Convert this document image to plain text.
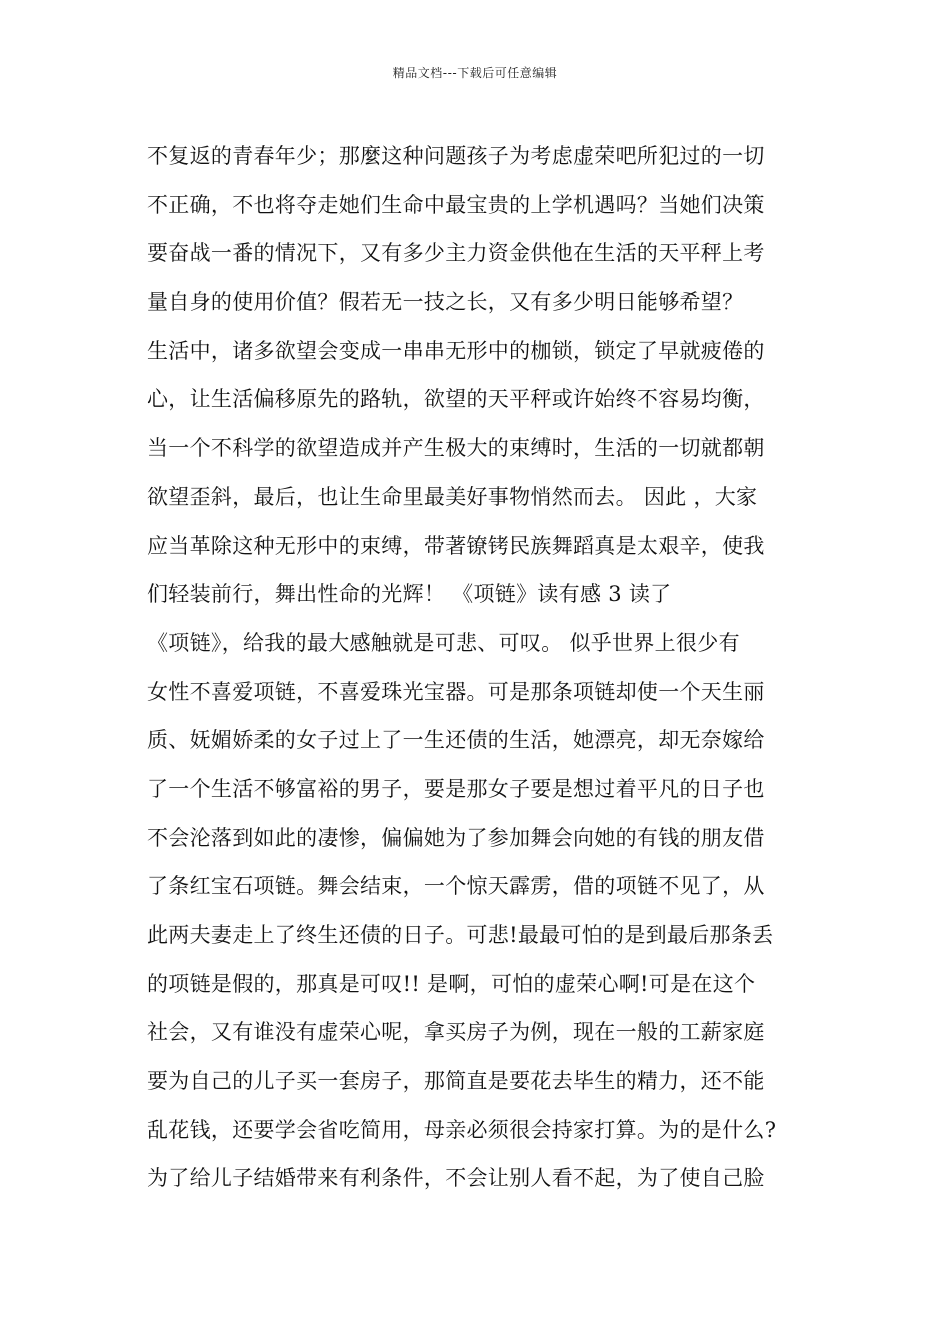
精品文档---下载后可任意编辑
不复返的青春年少；那麼这种问题孩子为考虑虚荣吧所犯过的一切
不正确，不也将夺走她们生命中最宝贵的上学机遇吗？当她们决策
要奋战一番的情况下，又有多少主力资金供他在生活的天平秤上考
量自身的使用价值？假若无一技之长，又有多少明日能够希望？
生活中，诸多欲望会变成一串串无形中的枷锁，锁定了早就疲倦的
心，让生活偏移原先的路轨，欲望的天平秤或许始终不容易均衡，
当一个不科学的欲望造成并产生极大的束缚时，生活的一切就都朝
欲望歪斜，最后，也让生命里最美好事物悄然而去。 因此 ，大家
应当革除这种无形中的束缚，带著镣铐民族舞蹈真是太艰辛，使我
们轻装前行，舞出性命的光辉！ 《项链》读有感 3 读了
《项链》，给我的最大感触就是可悲、可叹。 似乎世界上很少有
女性不喜爱项链，不喜爱珠光宝器。可是那条项链却使一个天生丽
质、妩媚娇柔的女子过上了一生还债的生活，她漂亮，却无奈嫁给
了一个生活不够富裕的男子，要是那女子要是想过着平凡的日子也
不会沦落到如此的凄惨，偏偏她为了参加舞会向她的有钱的朋友借
了条红宝石项链。舞会结束，一个惊天霹雳，借的项链不见了，从
此两夫妻走上了终生还债的日子。可悲!最最可怕的是到最后那条丢
的项链是假的，那真是可叹!! 是啊，可怕的虚荣心啊!可是在这个
社会，又有谁没有虚荣心呢，拿买房子为例，现在一般的工薪家庭
要为自己的儿子买一套房子，那简直是要花去毕生的精力，还不能
乱花钱，还要学会省吃简用，母亲必须很会持家打算。为的是什么?
为了给儿子结婚带来有利条件，不会让别人看不起，为了使自己脸
